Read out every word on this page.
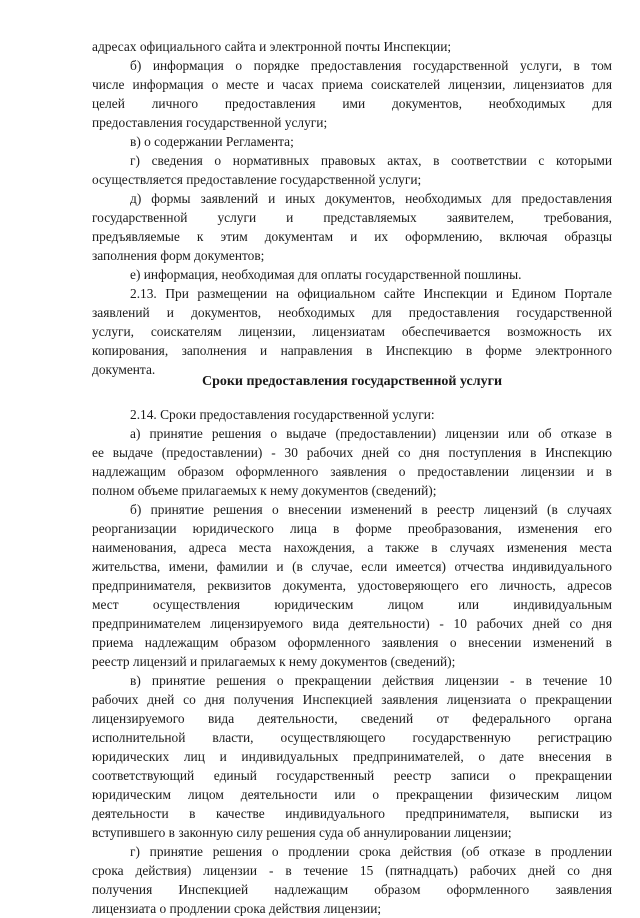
адресах официального сайта и электронной почты Инспекции;
б) информация о порядке предоставления государственной услуги, в том
числе информация о месте и часах приема соискателей лицензии, лицензиатов для
целей личного предоставления ими документов, необходимых для
предоставления государственной услуги;
в) о содержании Регламента;
г) сведения о нормативных правовых актах, в соответствии с которыми
осуществляется предоставление государственной услуги;
д) формы заявлений и иных документов, необходимых для предоставления
государственной услуги и представляемых заявителем, требования,
предъявляемые к этим документам и их оформлению, включая образцы
заполнения форм документов;
е) информация, необходимая для оплаты государственной пошлины.
2.13. При размещении на официальном сайте Инспекции и Едином Портале
заявлений и документов, необходимых для предоставления государственной
услуги, соискателям лицензии, лицензиатам обеспечивается возможность их
копирования, заполнения и направления в Инспекцию в форме электронного
документа.
Сроки предоставления государственной услуги
2.14. Сроки предоставления государственной услуги:
а) принятие решения о выдаче (предоставлении) лицензии или об отказе в
ее выдаче (предоставлении) - 30 рабочих дней со дня поступления в Инспекцию
надлежащим образом оформленного заявления о предоставлении лицензии и в
полном объеме прилагаемых к нему документов (сведений);
б) принятие решения о внесении изменений в реестр лицензий (в случаях
реорганизации юридического лица в форме преобразования, изменения его
наименования, адреса места нахождения, а также в случаях изменения места
жительства, имени, фамилии и (в случае, если имеется) отчества индивидуального
предпринимателя, реквизитов документа, удостоверяющего его личность, адресов
мест осуществления юридическим лицом или индивидуальным
предпринимателем лицензируемого вида деятельности) - 10 рабочих дней со дня
приема надлежащим образом оформленного заявления о внесении изменений в
реестр лицензий и прилагаемых к нему документов (сведений);
в) принятие решения о прекращении действия лицензии - в течение 10
рабочих дней со дня получения Инспекцией заявления лицензиата о прекращении
лицензируемого вида деятельности, сведений от федерального органа
исполнительной власти, осуществляющего государственную регистрацию
юридических лиц и индивидуальных предпринимателей, о дате внесения в
соответствующий единый государственный реестр записи о прекращении
юридическим лицом деятельности или о прекращении физическим лицом
деятельности в качестве индивидуального предпринимателя, выписки из
вступившего в законную силу решения суда об аннулировании лицензии;
г) принятие решения о продлении срока действия (об отказе в продлении
срока действия) лицензии - в течение 15 (пятнадцать) рабочих дней со дня
получения Инспекцией надлежащим образом оформленного заявления
лицензиата о продлении срока действия лицензии;
